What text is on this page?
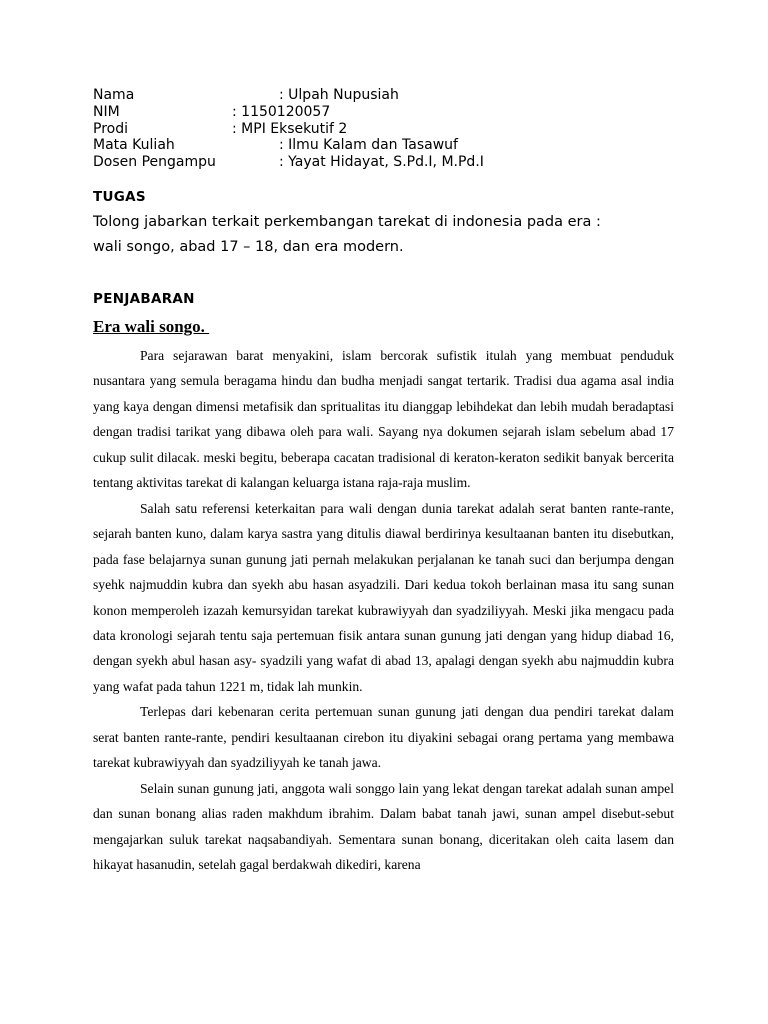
Nama	: Ulpah Nupusiah
NIM	: 1150120057
Prodi	: MPI Eksekutif 2
Mata Kuliah	: Ilmu Kalam dan Tasawuf
Dosen Pengampu	: Yayat Hidayat, S.Pd.I, M.Pd.I
TUGAS
Tolong jabarkan terkait perkembangan tarekat di indonesia pada era :
wali songo, abad 17 – 18, dan era modern.
PENJABARAN
Era wali songo.

Para sejarawan barat menyakini, islam bercorak sufistik itulah yang membuat penduduk nusantara yang semula beragama hindu dan budha menjadi sangat tertarik. Tradisi dua agama asal india yang kaya dengan dimensi metafisik dan spritualitas itu dianggap lebihdekat dan lebih mudah beradaptasi dengan tradisi tarikat yang dibawa oleh para wali. Sayang nya dokumen sejarah islam sebelum abad 17 cukup sulit dilacak. meski begitu, beberapa cacatan tradisional di keraton-keraton sedikit banyak bercerita tentang aktivitas tarekat di kalangan keluarga istana raja-raja muslim.

Salah satu referensi keterkaitan para wali dengan dunia tarekat adalah serat banten rante-rante, sejarah banten kuno, dalam karya sastra yang ditulis diawal berdirinya kesultaanan banten itu disebutkan, pada fase belajarnya sunan gunung jati pernah melakukan perjalanan ke tanah suci dan berjumpa dengan syehk najmuddin kubra dan syekh abu hasan asyadzili. Dari kedua tokoh berlainan masa itu sang sunan konon memperoleh izazah kemursyidan tarekat kubrawiyyah dan syadziliyyah. Meski jika mengacu pada data kronologi sejarah tentu saja pertemuan fisik antara sunan gunung jati dengan yang hidup diabad 16, dengan syekh abul hasan asy- syadzili yang wafat di abad 13, apalagi dengan syekh abu najmuddin kubra yang wafat pada tahun 1221 m, tidak lah munkin.

Terlepas dari kebenaran cerita pertemuan sunan gunung jati dengan dua pendiri tarekat dalam serat banten rante-rante, pendiri kesultaanan cirebon itu diyakini sebagai orang pertama yang membawa tarekat kubrawiyyah dan syadziliyyah ke tanah jawa.

Selain sunan gunung jati, anggota wali songgo lain yang lekat dengan tarekat adalah sunan ampel dan sunan bonang alias raden makhdum ibrahim. Dalam babat tanah jawi, sunan ampel disebut-sebut mengajarkan suluk tarekat naqsabandiyah. Sementara sunan bonang, diceritakan oleh caita lasem dan hikayat hasanudin, setelah gagal berdakwah dikediri, karena
